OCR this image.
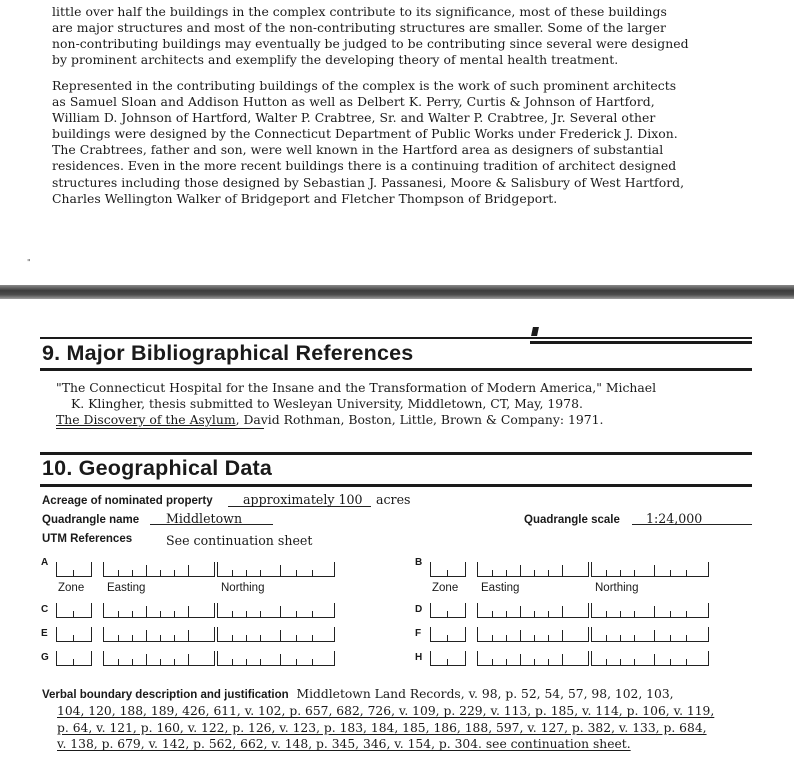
little over half the buildings in the complex contribute to its significance, most of these buildings
are major structures and most of the non-contributing structures are smaller. Some of the larger
non-contributing buildings may eventually be judged to be contributing since several were designed
by prominent architects and exemplify the developing theory of mental health treatment.
Represented in the contributing buildings of the complex is the work of such prominent architects
as Samuel Sloan and Addison Hutton as well as Delbert K. Perry, Curtis & Johnson of Hartford,
William D. Johnson of Hartford, Walter P. Crabtree, Sr. and Walter P. Crabtree, Jr. Several other
buildings were designed by the Connecticut Department of Public Works under Frederick J. Dixon.
The Crabtrees, father and son, were well known in the Hartford area as designers of substantial
residences. Even in the more recent buildings there is a continuing tradition of architect designed
structures including those designed by Sebastian J. Passanesi, Moore & Salisbury of West Hartford,
Charles Wellington Walker of Bridgeport and Fletcher Thompson of Bridgeport.
"
9. Major Bibliographical References
"The Connecticut Hospital for the Insane and the Transformation of Modern America," Michael
K. Klingher, thesis submitted to Wesleyan University, Middletown, CT, May, 1978.
The Discovery of the Asylum, David Rothman, Boston, Little, Brown & Company: 1971.
10. Geographical Data
Acreage of nominated property approximately 100 acres
Quadrangle name Middletown	Quadrangle scale 1:24,000
UTM References	See continuation sheet
A
C
E
G
Zone Easting	Northing
B
D
F
H
Zone Easting	Northing
Verbal boundary description and justification Middletown Land Records, v. 98, p. 52, 54, 57, 98, 102, 103,
104, 120, 188, 189, 426, 611, v. 102, p. 657, 682, 726, v. 109, p. 229, v. 113, p. 185, v. 114, p. 106, v. 119,
p. 64, v. 121, p. 160, v. 122, p. 126, v. 123, p. 183, 184, 185, 186, 188, 597, v. 127, p. 382, v. 133, p. 684,
v. 138, p. 679, v. 142, p. 562, 662, v. 148, p. 345, 346, v. 154, p. 304. see continuation sheet.
